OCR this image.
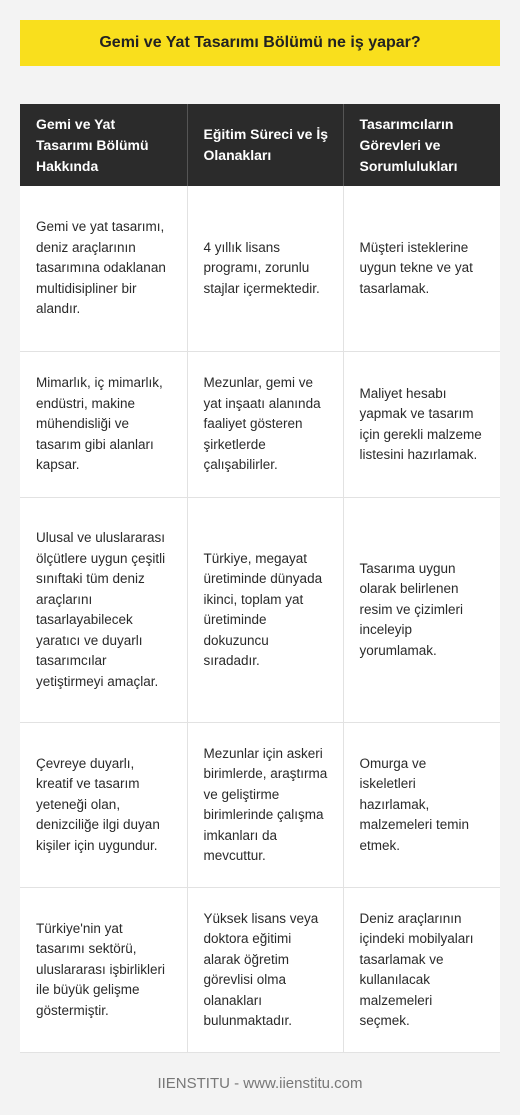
Gemi ve Yat Tasarımı Bölümü ne iş yapar?
Gemi ve Yat Tasarımı Bölümü Hakkında	Eğitim Süreci ve İş Olanakları	Tasarımcıların Görevleri ve Sorumlulukları
Gemi ve yat tasarımı, deniz araçlarının tasarımına odaklanan multidisipliner bir alandır.	4 yıllık lisans programı, zorunlu stajlar içermektedir.	Müşteri isteklerine uygun tekne ve yat tasarlamak.
Mimarlık, iç mimarlık, endüstri, makine mühendisliği ve tasarım gibi alanları kapsar.	Mezunlar, gemi ve yat inşaatı alanında faaliyet gösteren şirketlerde çalışabilirler.	Maliyet hesabı yapmak ve tasarım için gerekli malzeme listesini hazırlamak.
Ulusal ve uluslararası ölçütlere uygun çeşitli sınıftaki tüm deniz araçlarını tasarlayabilecek yaratıcı ve duyarlı tasarımcılar yetiştirmeyi amaçlar.	Türkiye, megayat üretiminde dünyada ikinci, toplam yat üretiminde dokuzuncu sıradadır.	Tasarıma uygun olarak belirlenen resim ve çizimleri inceleyip yorumlamak.
Çevreye duyarlı, kreatif ve tasarım yeteneği olan, denizciliğe ilgi duyan kişiler için uygundur.	Mezunlar için askeri birimlerde, araştırma ve geliştirme birimlerinde çalışma imkanları da mevcuttur.	Omurga ve iskeletleri hazırlamak, malzemeleri temin etmek.
Türkiye'nin yat tasarımı sektörü, uluslararası işbirlikleri ile büyük gelişme göstermiştir.	Yüksek lisans veya doktora eğitimi alarak öğretim görevlisi olma olanakları bulunmaktadır.	Deniz araçlarının içindeki mobilyaları tasarlamak ve kullanılacak malzemeleri seçmek.
IIENSTITU - www.iienstitu.com
